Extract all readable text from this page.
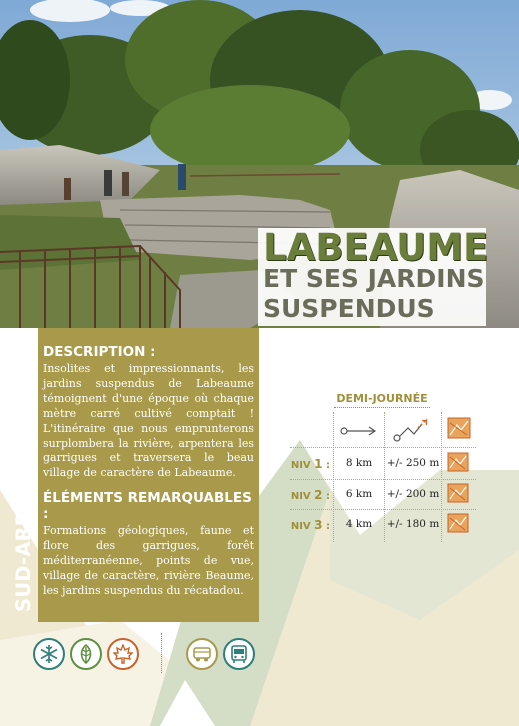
LABEAUME
ET SES JARDINS
SUSPENDUS
SUD-ARDÈCHE CALCAIRE DESCRIPTION :
Insolites et impressionnants, les jardins suspendus de Labeaume témoignent d'une époque où chaque mètre carré cultivé comptait ! L'itinéraire que nous emprunterons surplombera la rivière, arpentera les garrigues et traversera le beau village de caractère de Labeaume.
ÉLÉMENTS REMARQUABLES :
Formations géologiques, faune et flore des garrigues, forêt méditerranéenne, points de vue, village de caractère, rivière Beaume, les jardins suspendus du récatadou.
DEMI-JOURNÉE
NIV 1 :	8 km	+/- 250 m
NIV 2 :	6 km	+/- 200 m
NIV 3 :	4 km	+/- 180 m
